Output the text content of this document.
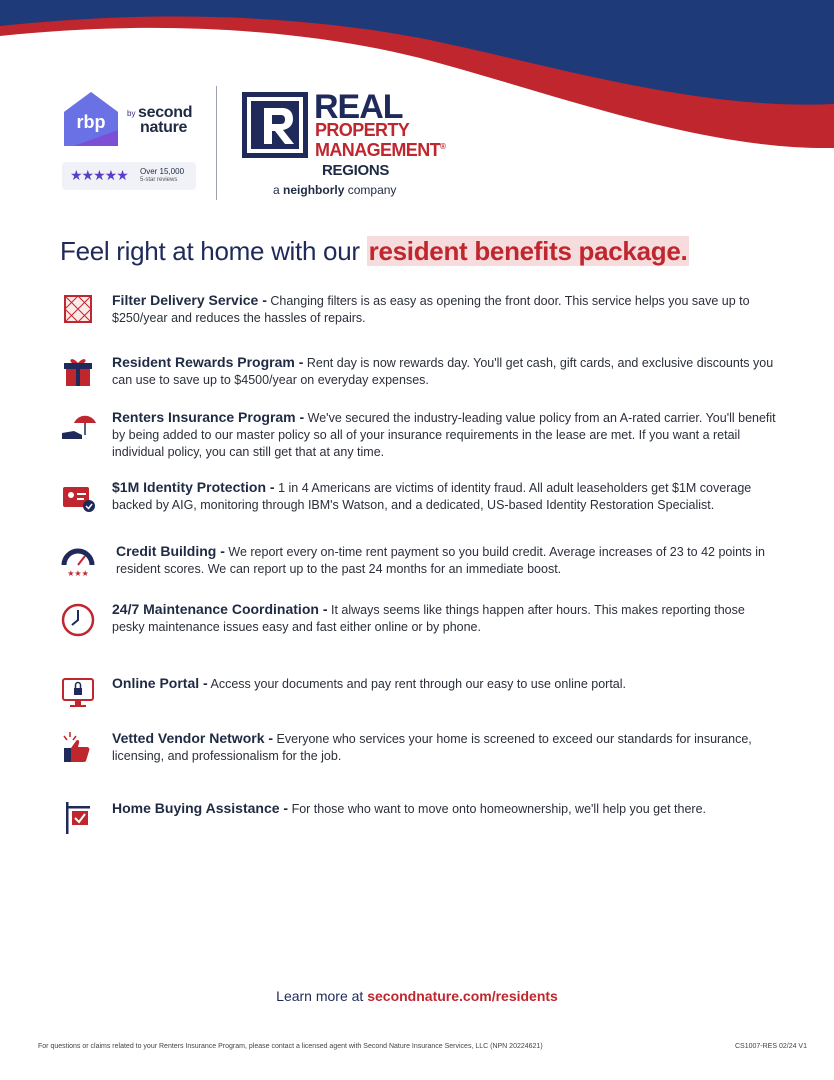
rbp	by second
nature
★★★★★ Over 15,000
5-star reviews
REAL
PROPERTY
MANAGEMENT®
REGIONS
a neighborly company
Feel right at home with our resident benefits package.
Filter Delivery Service - Changing filters is as easy as opening the front door. This service helps you save up to $250/year and reduces the hassles of repairs.
Resident Rewards Program - Rent day is now rewards day. You'll get cash, gift cards, and exclusive discounts you can use to save up to $4500/year on everyday expenses.
Renters Insurance Program - We've secured the industry-leading value policy from an A-rated carrier. You'll benefit by being added to our master policy so all of your insurance requirements in the lease are met. If you want a retail individual policy, you can still get that at any time.
$1M Identity Protection - 1 in 4 Americans are victims of identity fraud. All adult leaseholders get $1M coverage backed by AIG, monitoring through IBM's Watson, and a dedicated, US-based Identity Restoration Specialist.
★★★
Credit Building - We report every on-time rent payment so you build credit. Average increases of 23 to 42 points in resident scores. We can report up to the past 24 months for an immediate boost.
24/7 Maintenance Coordination - It always seems like things happen after hours. This makes reporting those pesky maintenance issues easy and fast either online or by phone.
Online Portal - Access your documents and pay rent through our easy to use online portal.
Vetted Vendor Network - Everyone who services your home is screened to exceed our standards for insurance, licensing, and professionalism for the job.
Home Buying Assistance - For those who want to move onto homeownership, we'll help you get there.
Learn more at secondnature.com/residents
For questions or claims related to your Renters Insurance Program, please contact a licensed agent with Second Nature Insurance Services, LLC (NPN 20224621)	CS1007-RES 02/24 V1
